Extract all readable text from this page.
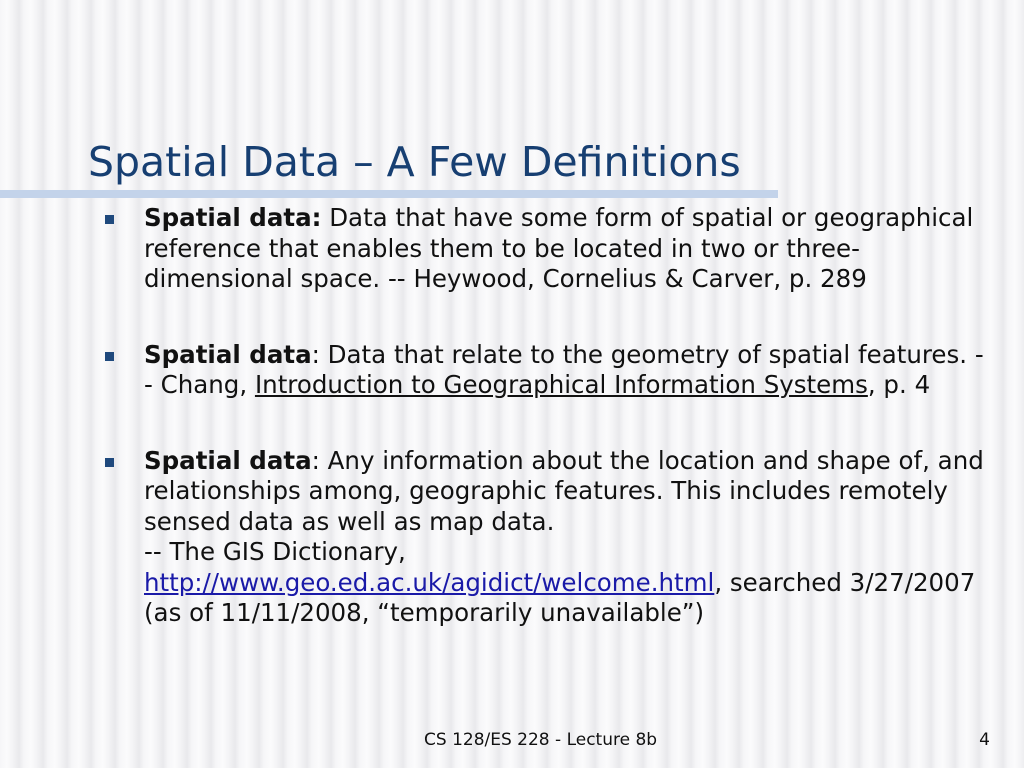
Spatial Data – A Few Definitions
Spatial data: Data that have some form of spatial or geographical reference that enables them to be located in two or three-dimensional space. -- Heywood, Cornelius & Carver, p. 289
Spatial data: Data that relate to the geometry of spatial features. -- Chang, Introduction to Geographical Information Systems, p. 4
Spatial data: Any information about the location and shape of, and relationships among, geographic features. This includes remotely sensed data as well as map data.
-- The GIS Dictionary,
http://www.geo.ed.ac.uk/agidict/welcome.html, searched 3/27/2007 (as of 11/11/2008, “temporarily unavailable”)
CS 128/ES 228 - Lecture 8b	4
